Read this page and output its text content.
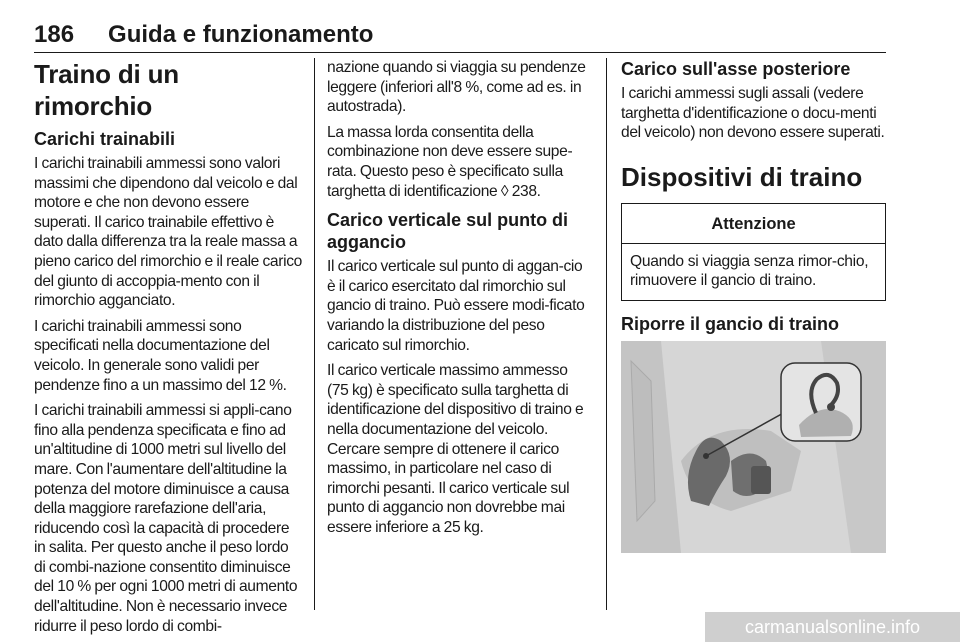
186 Guida e funzionamento
Traino di un rimorchio
Carichi trainabili

I carichi trainabili ammessi sono valori massimi che dipendono dal veicolo e dal motore e che non devono essere superati. Il carico trainabile effettivo è dato dalla differenza tra la reale massa a pieno carico del rimorchio e il reale carico del giunto di accoppia-mento con il rimorchio agganciato.

I carichi trainabili ammessi sono specificati nella documentazione del veicolo. In generale sono validi per pendenze fino a un massimo del 12 %.

I carichi trainabili ammessi si appli-cano fino alla pendenza specificata e fino ad un'altitudine di 1000 metri sul livello del mare. Con l'aumentare dell'altitudine la potenza del motore diminuisce a causa della maggiore rarefazione dell'aria, riducendo così la capacità di procedere in salita. Per questo anche il peso lordo di combi-nazione consentito diminuisce del 10 % per ogni 1000 metri di aumento dell'altitudine. Non è necessario invece ridurre il peso lordo di combi-

nazione quando si viaggia su pendenze leggere (inferiori all'8 %, come ad es. in autostrada).

La massa lorda consentita della combinazione non deve essere supe-rata. Questo peso è specificato sulla targhetta di identificazione ◊ 238.

Carico verticale sul punto di aggancio

Il carico verticale sul punto di aggan-cio è il carico esercitato dal rimorchio sul gancio di traino. Può essere modi-ficato variando la distribuzione del peso caricato sul rimorchio.

Il carico verticale massimo ammesso (75 kg) è specificato sulla targhetta di identificazione del dispositivo di traino e nella documentazione del veicolo. Cercare sempre di ottenere il carico massimo, in particolare nel caso di rimorchi pesanti. Il carico verticale sul punto di aggancio non dovrebbe mai essere inferiore a 25 kg.

Carico sull'asse posteriore

I carichi ammessi sugli assali (vedere targhetta d'identificazione o docu-menti del veicolo) non devono essere superati.

Dispositivi di traino
Attenzione
Quando si viaggia senza rimor-chio, rimuovere il gancio di traino.
Riporre il gancio di traino
carmanualsonline.info
